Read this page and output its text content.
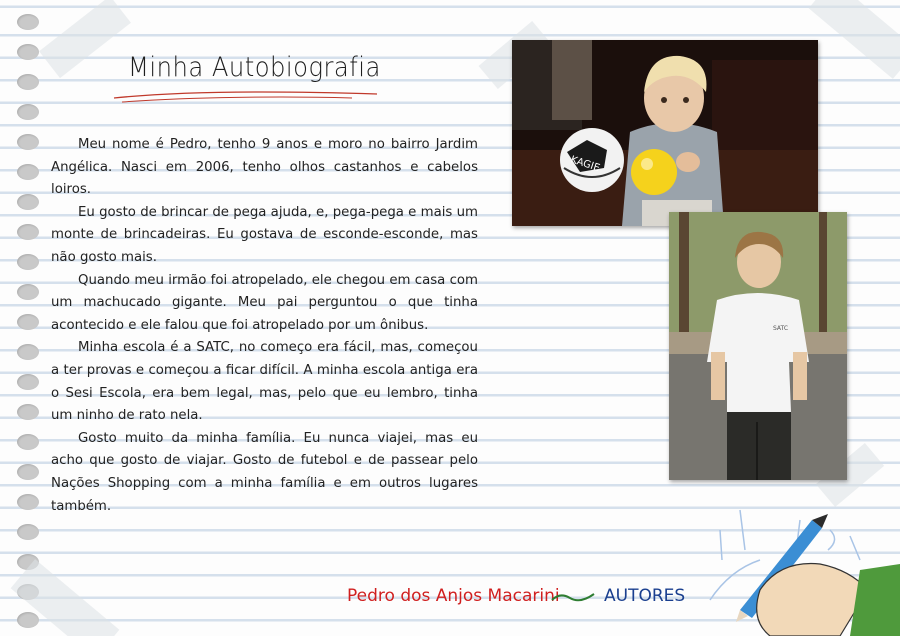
Minha Autobiografia

Meu nome é Pedro, tenho 9 anos e moro no bairro Jardim Angélica. Nasci em 2006, tenho olhos castanhos e cabelos loiros.

Eu gosto de brincar de pega ajuda, e, pega-pega e mais um monte de brincadeiras. Eu gostava de esconde-esconde, mas não gosto mais.

Quando meu irmão foi atropelado, ele chegou em casa com um machucado gigante. Meu pai perguntou o que tinha acontecido e ele falou que foi atropelado por um ônibus.

Minha escola é a SATC, no começo era fácil, mas, começou a ter provas e começou a ficar difícil. A minha escola antiga era o Sesi Escola, era bem legal, mas, pelo que eu lembro, tinha um ninho de rato nela.

Gosto muito da minha família. Eu nunca viajei, mas eu acho que gosto de viajar. Gosto de futebol e de passear pelo Nações Shopping com a minha família e em outros lugares também.

KAGIE
SATC
Pedro dos Anjos Macarini	AUTORES
